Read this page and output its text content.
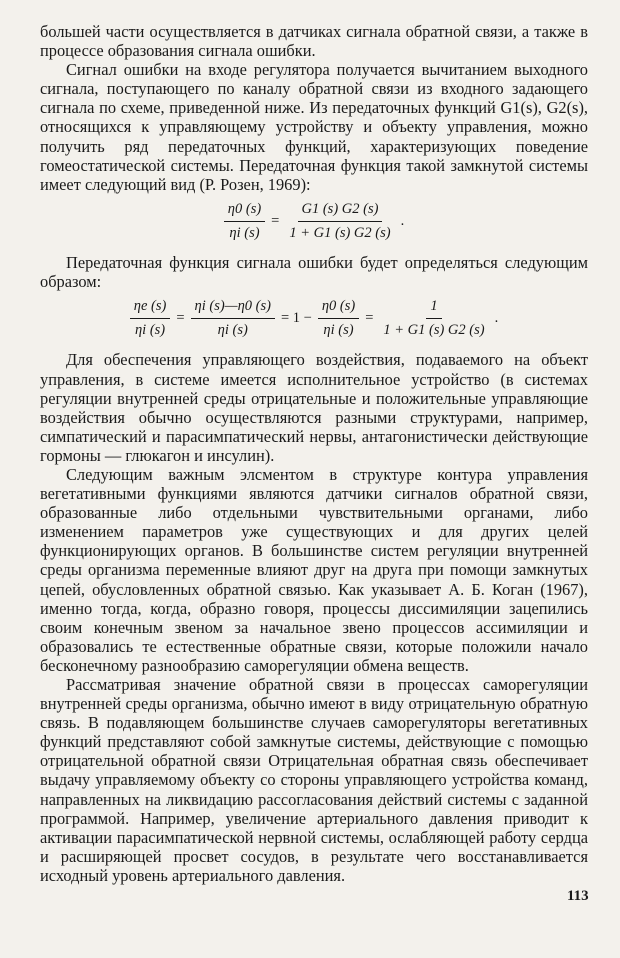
большей части осуществляется в датчиках сигнала обратной связи, а также в процессе образования сигнала ошибки.

Сигнал ошибки на входе регулятора получается вычитанием выходного сигнала, поступающего по каналу обратной связи из входного задающего сигнала по схеме, приведенной ниже. Из передаточных функций G1(s), G2(s), относящихся к управляющему устройству и объекту управления, можно получить ряд передаточных функций, характеризующих поведение гомеостатической системы. Передаточная функция такой замкнутой системы имеет следующий вид (Р. Розен, 1969):

$\frac{\eta 0 (s)}{\eta i (s)} = \frac{G1 (s) G2 (s)}{1 + G1 (s) G2 (s)}$ .

Передаточная функция сигнала ошибки будет определяться следующим образом:

$\frac{\eta e (s)}{\eta i (s)} = \frac{\eta i (s)—\eta 0 (s)}{\eta i (s)} = 1 - \frac{\eta 0 (s)}{\eta i (s)} = \frac{1}{1 + G1 (s) G2 (s)}$ .

Для обеспечения управляющего воздействия, подаваемого на объект управления, в системе имеется исполнительное устройство (в системах регуляции внутренней среды отрицательные и положительные управляющие воздействия обычно осуществляются разными структурами, например, симпатический и парасимпатический нервы, антагонистически действующие гормоны — глюкагон и инсулин).

Следующим важным элсментом в структуре контура управления вегетативными функциями являются датчики сигналов обратной связи, образованные либо отдельными чувствительными органами, либо изменением параметров уже существующих и для других целей функционирующих органов. В большинстве систем регуляции внутренней среды организма переменные влияют друг на друга при помощи замкнутых цепей, обусловленных обратной связью. Как указывает А. Б. Коган (1967), именно тогда, когда, образно говоря, процессы диссимиляции зацепились своим конечным звеном за начальное звено процессов ассимиляции и образовались те естественные обратные связи, которые положили начало бесконечному разнообразию саморегуляции обмена веществ.

Рассматривая значение обратной связи в процессах саморегуляции внутренней среды организма, обычно имеют в виду отрицательную обратную связь. В подавляющем большинстве случаев саморегуляторы вегетативных функций представляют собой замкнутые системы, действующие с помощью отрицательной обратной связи Отрицательная обратная связь обеспечивает выдачу управляемому объекту со стороны управляющего устройства команд, направленных на ликвидацию рассогласования действий системы с заданной программой. Например, увеличение артериального давления приводит к активации парасимпатической нервной системы, ослабляющей работу сердца и расширяющей просвет сосудов, в результате чего восстанавливается исходный уровень артериального давления.

113
